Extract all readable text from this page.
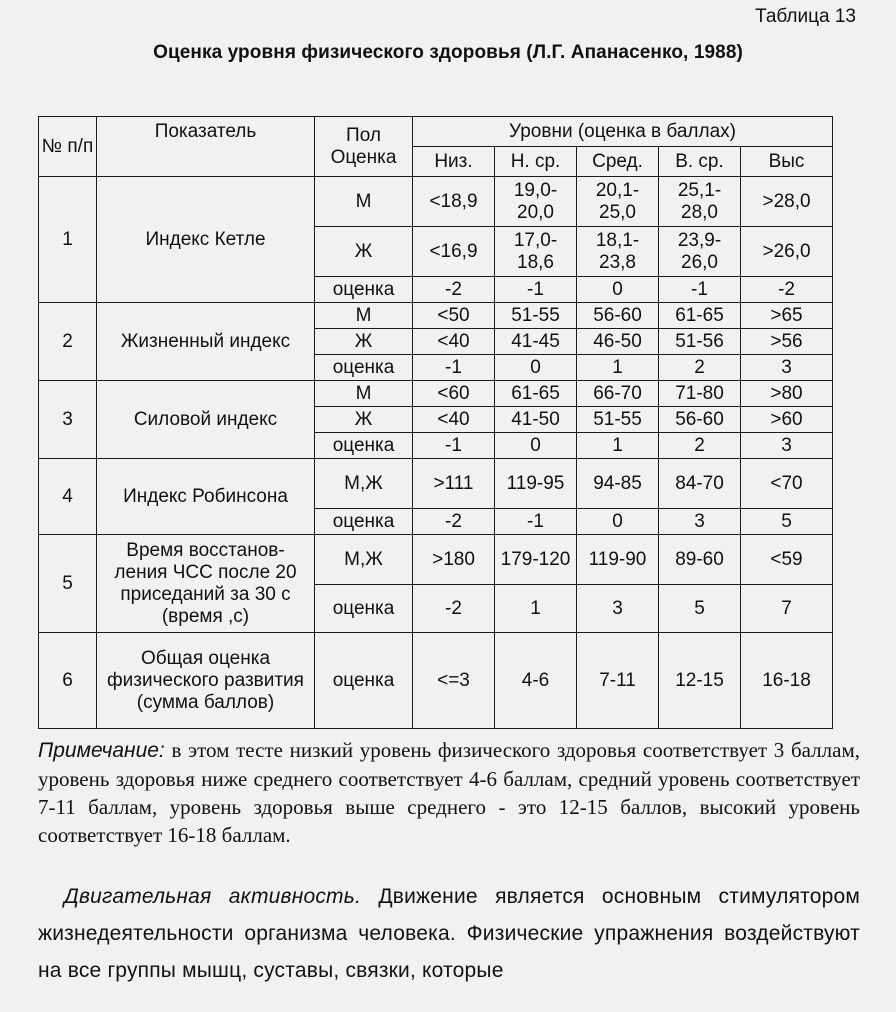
Таблица 13
Оценка уровня физического здоровья (Л.Г. Апанасенко, 1988)
№ п/п	Показатель	Пол Оценка	Уровни (оценка в баллах)				
			Низ.	Н. ср.	Сред.	В. ср.	Выс
1	Индекс Кетле	М	<18,9	19,0-20,0	20,1-25,0	25,1-28,0	>28,0
		Ж	<16,9	17,0-18,6	18,1-23,8	23,9-26,0	>26,0
		оценка	-2	-1	0	-1	-2
2	Жизненный индекс	М	<50	51-55	56-60	61-65	>65
		Ж	<40	41-45	46-50	51-56	>56
		оценка	-1	0	1	2	3
3	Силовой индекс	М	<60	61-65	66-70	71-80	>80
		Ж	<40	41-50	51-55	56-60	>60
		оценка	-1	0	1	2	3
4	Индекс Робинсона	М,Ж	>111	119-95	94-85	84-70	<70
		оценка	-2	-1	0	3	5
5	Время восстанов-ления ЧСС после 20 приседаний за 30 с (время ,с)	М,Ж	>180	179-120	119-90	89-60	<59
		оценка	-2	1	3	5	7
6	Общая оценка физического развития (сумма баллов)	оценка	<=3	4-6	7-11	12-15	16-18
Примечание: в этом тесте низкий уровень физического здоровья соответствует 3 баллам, уровень здоровья ниже среднего соответствует 4-6 баллам, средний уровень соответствует 7-11 баллам, уровень здоровья выше среднего - это 12-15 баллов, высокий уровень соответствует 16-18 баллам.
Двигательная активность. Движение является основным стимулятором жизнедеятельности организма человека. Физические упражнения воздействуют на все группы мышц, суставы, связки, которые
